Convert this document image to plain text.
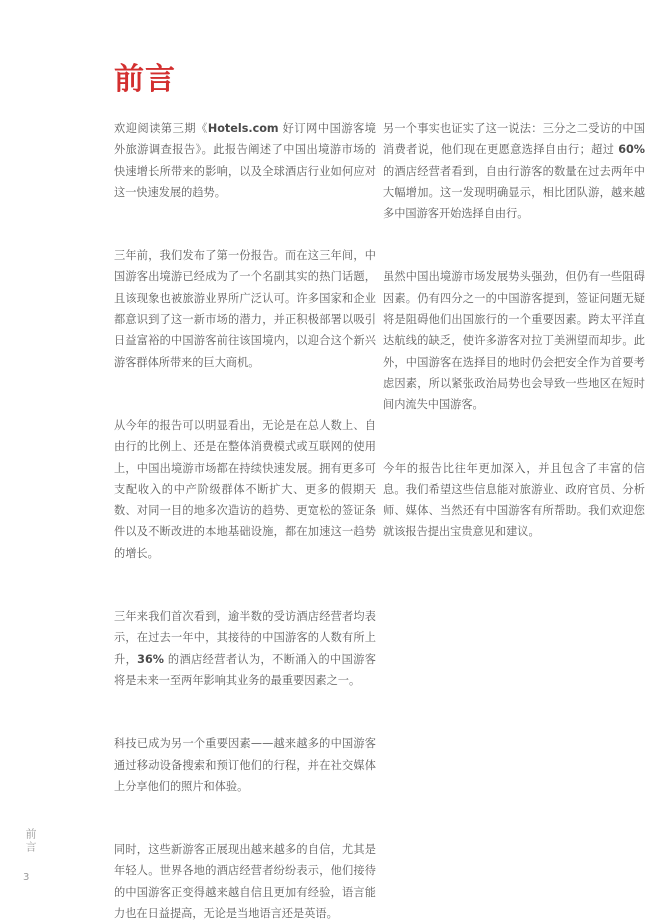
前言

欢迎阅读第三期《Hotels.com 好订网中国游客境外旅游调查报告》。此报告阐述了中国出境游市场的快速增长所带来的影响，以及全球酒店行业如何应对这一快速发展的趋势。

三年前，我们发布了第一份报告。而在这三年间，中国游客出境游已经成为了一个名副其实的热门话题，且该现象也被旅游业界所广泛认可。许多国家和企业都意识到了这一新市场的潜力，并正积极部署以吸引日益富裕的中国游客前往该国境内，以迎合这个新兴游客群体所带来的巨大商机。

从今年的报告可以明显看出，无论是在总人数上、自由行的比例上、还是在整体消费模式或互联网的使用上，中国出境游市场都在持续快速发展。拥有更多可支配收入的中产阶级群体不断扩大、更多的假期天数、对同一目的地多次造访的趋势、更宽松的签证条件以及不断改进的本地基础设施，都在加速这一趋势的增长。

三年来我们首次看到，逾半数的受访酒店经营者均表示，在过去一年中，其接待的中国游客的人数有所上升，36% 的酒店经营者认为，不断涌入的中国游客将是未来一至两年影响其业务的最重要因素之一。

科技已成为另一个重要因素——越来越多的中国游客通过移动设备搜索和预订他们的行程，并在社交媒体上分享他们的照片和体验。

同时，这些新游客正展现出越来越多的自信，尤其是年轻人。世界各地的酒店经营者纷纷表示，他们接待的中国游客正变得越来越自信且更加有经验，语言能力也在日益提高，无论是当地语言还是英语。

另一个事实也证实了这一说法：三分之二受访的中国消费者说，他们现在更愿意选择自由行；超过 60% 的酒店经营者看到，自由行游客的数量在过去两年中大幅增加。这一发现明确显示，相比团队游，越来越多中国游客开始选择自由行。

虽然中国出境游市场发展势头强劲，但仍有一些阻碍因素。仍有四分之一的中国游客提到，签证问题无疑将是阻碍他们出国旅行的一个重要因素。跨太平洋直达航线的缺乏，使许多游客对拉丁美洲望而却步。此外，中国游客在选择目的地时仍会把安全作为首要考虑因素，所以紧张政治局势也会导致一些地区在短时间内流失中国游客。

今年的报告比往年更加深入，并且包含了丰富的信息。我们希望这些信息能对旅游业、政府官员、分析师、媒体、当然还有中国游客有所帮助。我们欢迎您就该报告提出宝贵意见和建议。

前言
3
